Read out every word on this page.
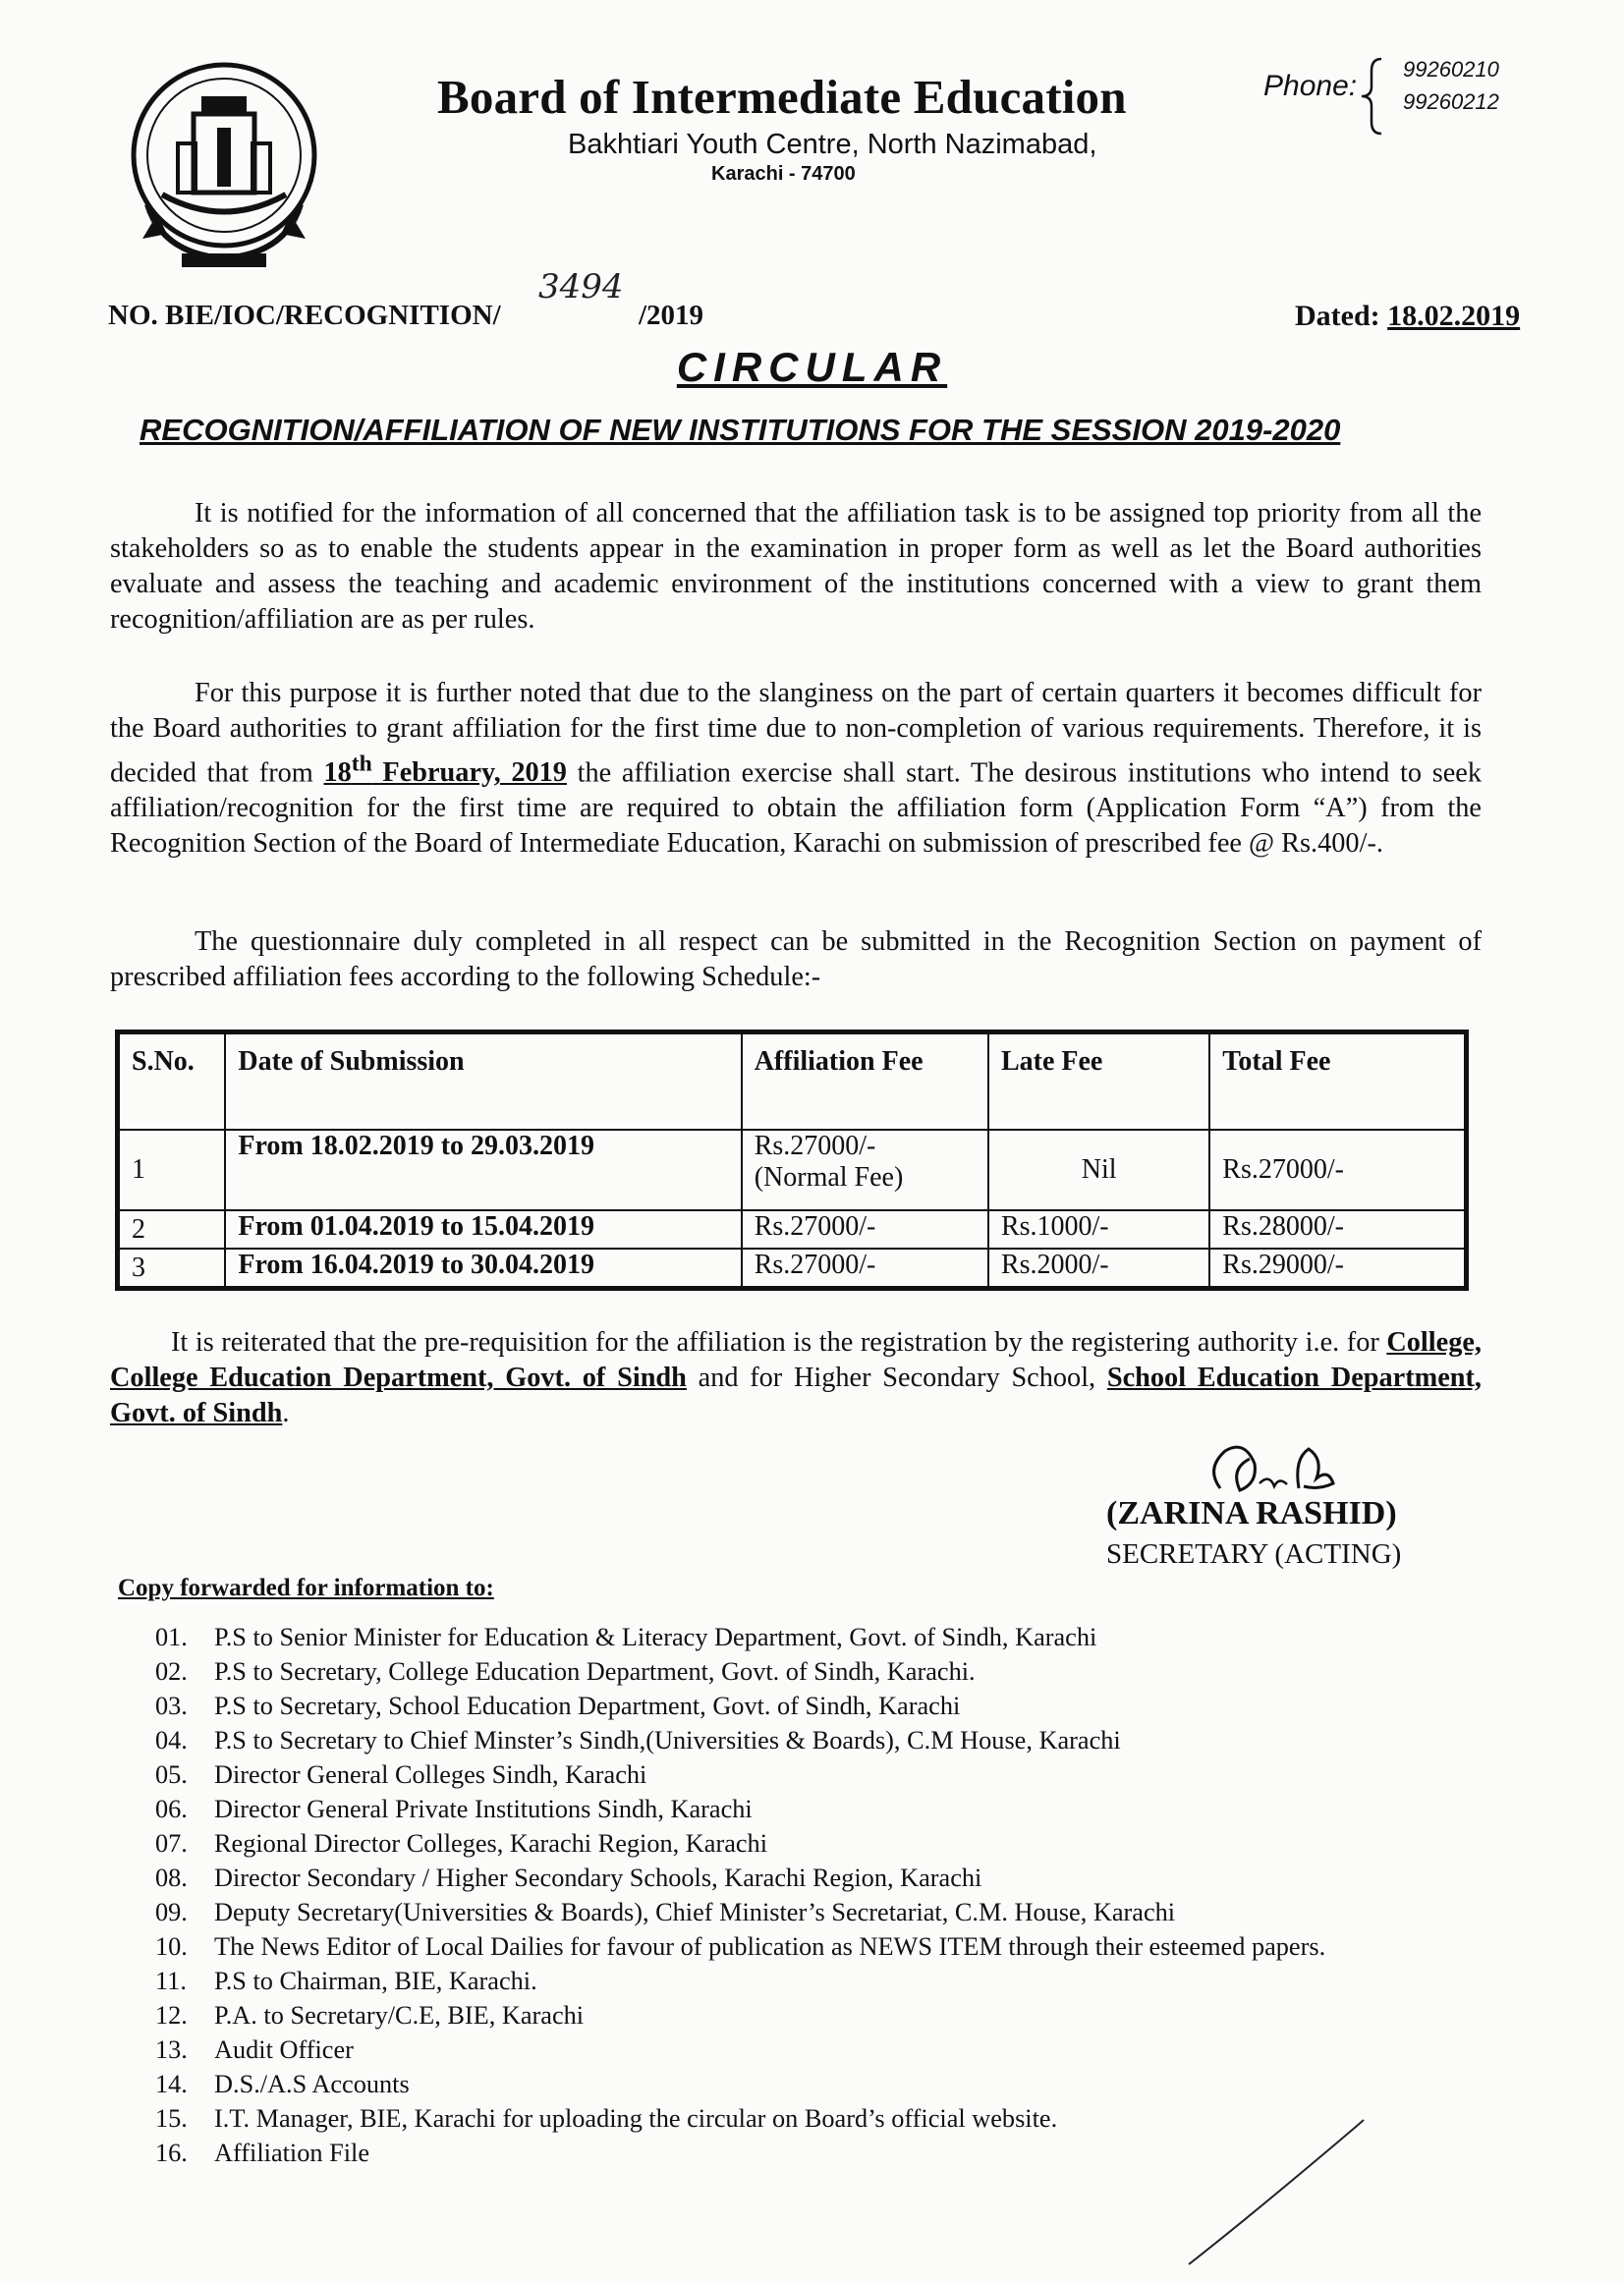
Board of Intermediate Education
Bakhtiari Youth Centre, North Nazimabad,
Karachi - 74700
Phone:
99260210
99260212
NO. BIE/IOC/RECOGNITION/
3494
/2019	Dated: 18.02.2019
CIRCULAR
RECOGNITION/AFFILIATION OF NEW INSTITUTIONS FOR THE SESSION 2019-2020
It is notified for the information of all concerned that the affiliation task is to be assigned top priority from all the stakeholders so as to enable the students appear in the examination in proper form as well as let the Board authorities evaluate and assess the teaching and academic environment of the institutions concerned with a view to grant them recognition/affiliation are as per rules.
For this purpose it is further noted that due to the slanginess on the part of certain quarters it becomes difficult for the Board authorities to grant affiliation for the first time due to non-completion of various requirements. Therefore, it is decided that from 18th February, 2019 the affiliation exercise shall start. The desirous institutions who intend to seek affiliation/recognition for the first time are required to obtain the affiliation form (Application Form “A”) from the Recognition Section of the Board of Intermediate Education, Karachi on submission of prescribed fee @ Rs.400/-.
The questionnaire duly completed in all respect can be submitted in the Recognition Section on payment of prescribed affiliation fees according to the following Schedule:-
S.No.	Date of Submission	Affiliation Fee	Late Fee	Total Fee
1	From 18.02.2019 to 29.03.2019	Rs.27000/-
(Normal Fee)	Nil	Rs.27000/-
2	From 01.04.2019 to 15.04.2019	Rs.27000/-	Rs.1000/-	Rs.28000/-
3	From 16.04.2019 to 30.04.2019	Rs.27000/-	Rs.2000/-	Rs.29000/-
It is reiterated that the pre-requisition for the affiliation is the registration by the registering authority i.e. for College, College Education Department, Govt. of Sindh and for Higher Secondary School, School Education Department, Govt. of Sindh.
(ZARINA RASHID)
SECRETARY (ACTING)
Copy forwarded for information to:
01.	P.S to Senior Minister for Education & Literacy Department, Govt. of Sindh, Karachi
02.	P.S to Secretary, College Education Department, Govt. of Sindh, Karachi.
03.	P.S to Secretary, School Education Department, Govt. of Sindh, Karachi
04.	P.S to Secretary to Chief Minster’s Sindh,(Universities & Boards), C.M House, Karachi
05.	Director General Colleges Sindh, Karachi
06.	Director General Private Institutions Sindh, Karachi
07.	Regional Director Colleges, Karachi Region, Karachi
08.	Director Secondary / Higher Secondary Schools, Karachi Region, Karachi
09.	Deputy Secretary(Universities & Boards), Chief Minister’s Secretariat, C.M. House, Karachi
10.	The News Editor of Local Dailies for favour of publication as NEWS ITEM through their esteemed papers.
11.	P.S to Chairman, BIE, Karachi.
12.	P.A. to Secretary/C.E, BIE, Karachi
13.	Audit Officer
14.	D.S./A.S Accounts
15.	I.T. Manager, BIE, Karachi for uploading the circular on Board’s official website.
16.	Affiliation File
